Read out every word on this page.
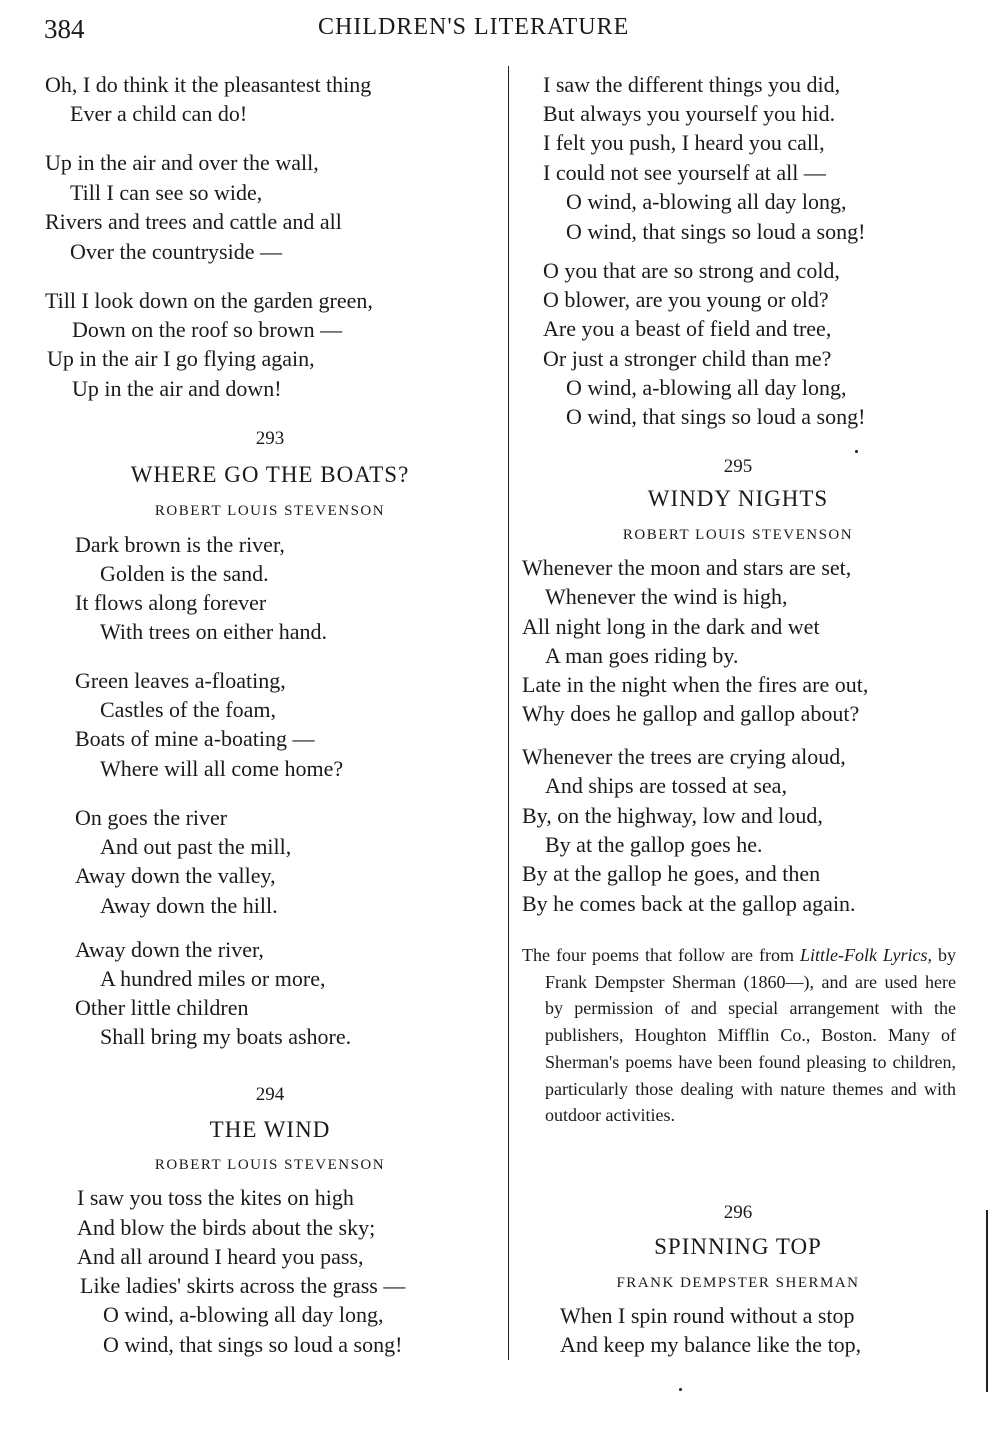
384	CHILDREN'S LITERATURE
Oh, I do think it the pleasantest thing
Ever a child can do!
Up in the air and over the wall,
Till I can see so wide,
Rivers and trees and cattle and all
Over the countryside —
Till I look down on the garden green,
Down on the roof so brown —
Up in the air I go flying again,
Up in the air and down!
293
WHERE GO THE BOATS?
ROBERT LOUIS STEVENSON
Dark brown is the river,
Golden is the sand.
It flows along forever
With trees on either hand.
Green leaves a-floating,
Castles of the foam,
Boats of mine a-boating —
Where will all come home?
On goes the river
And out past the mill,
Away down the valley,
Away down the hill.
Away down the river,
A hundred miles or more,
Other little children
Shall bring my boats ashore.
294
THE WIND
ROBERT LOUIS STEVENSON
I saw you toss the kites on high
And blow the birds about the sky;
And all around I heard you pass,
Like ladies' skirts across the grass —
O wind, a-blowing all day long,
O wind, that sings so loud a song!
I saw the different things you did,
But always you yourself you hid.
I felt you push, I heard you call,
I could not see yourself at all —
O wind, a-blowing all day long,
O wind, that sings so loud a song!
O you that are so strong and cold,
O blower, are you young or old?
Are you a beast of field and tree,
Or just a stronger child than me?
O wind, a-blowing all day long,
O wind, that sings so loud a song!
295
WINDY NIGHTS
ROBERT LOUIS STEVENSON
Whenever the moon and stars are set,
Whenever the wind is high,
All night long in the dark and wet
A man goes riding by.
Late in the night when the fires are out,
Why does he gallop and gallop about?
Whenever the trees are crying aloud,
And ships are tossed at sea,
By, on the highway, low and loud,
By at the gallop goes he.
By at the gallop he goes, and then
By he comes back at the gallop again.
The four poems that follow are from Little-Folk Lyrics, by Frank Dempster Sherman (1860—), and are used here by permission of and special arrangement with the publishers, Houghton Mifflin Co., Boston. Many of Sherman's poems have been found pleasing to children, particularly those dealing with nature themes and with outdoor activities.
296
SPINNING TOP
FRANK DEMPSTER SHERMAN
When I spin round without a stop
And keep my balance like the top,
